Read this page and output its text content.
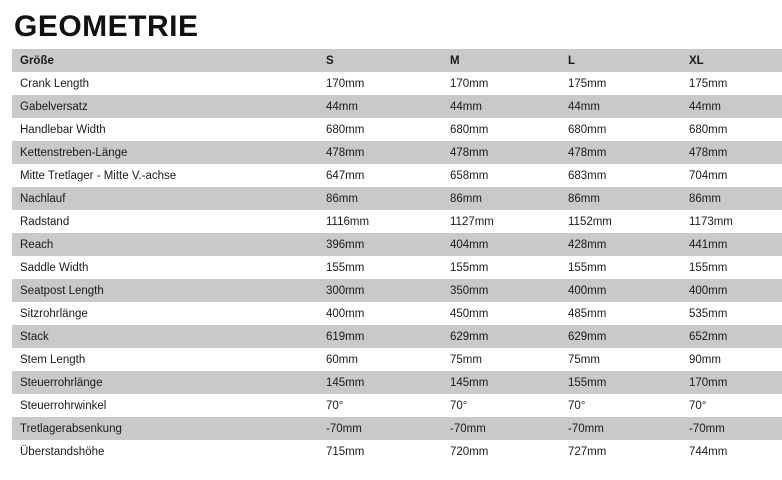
GEOMETRIE
Größe	S	M	L	XL
Crank Length	170mm	170mm	175mm	175mm
Gabelversatz	44mm	44mm	44mm	44mm
Handlebar Width	680mm	680mm	680mm	680mm
Kettenstreben-Länge	478mm	478mm	478mm	478mm
Mitte Tretlager - Mitte V.-achse	647mm	658mm	683mm	704mm
Nachlauf	86mm	86mm	86mm	86mm
Radstand	1116mm	1127mm	1152mm	1173mm
Reach	396mm	404mm	428mm	441mm
Saddle Width	155mm	155mm	155mm	155mm
Seatpost Length	300mm	350mm	400mm	400mm
Sitzrohrlänge	400mm	450mm	485mm	535mm
Stack	619mm	629mm	629mm	652mm
Stem Length	60mm	75mm	75mm	90mm
Steuerrohrlänge	145mm	145mm	155mm	170mm
Steuerrohrwinkel	70°	70°	70°	70°
Tretlagerabsenkung	-70mm	-70mm	-70mm	-70mm
Überstandshöhe	715mm	720mm	727mm	744mm
